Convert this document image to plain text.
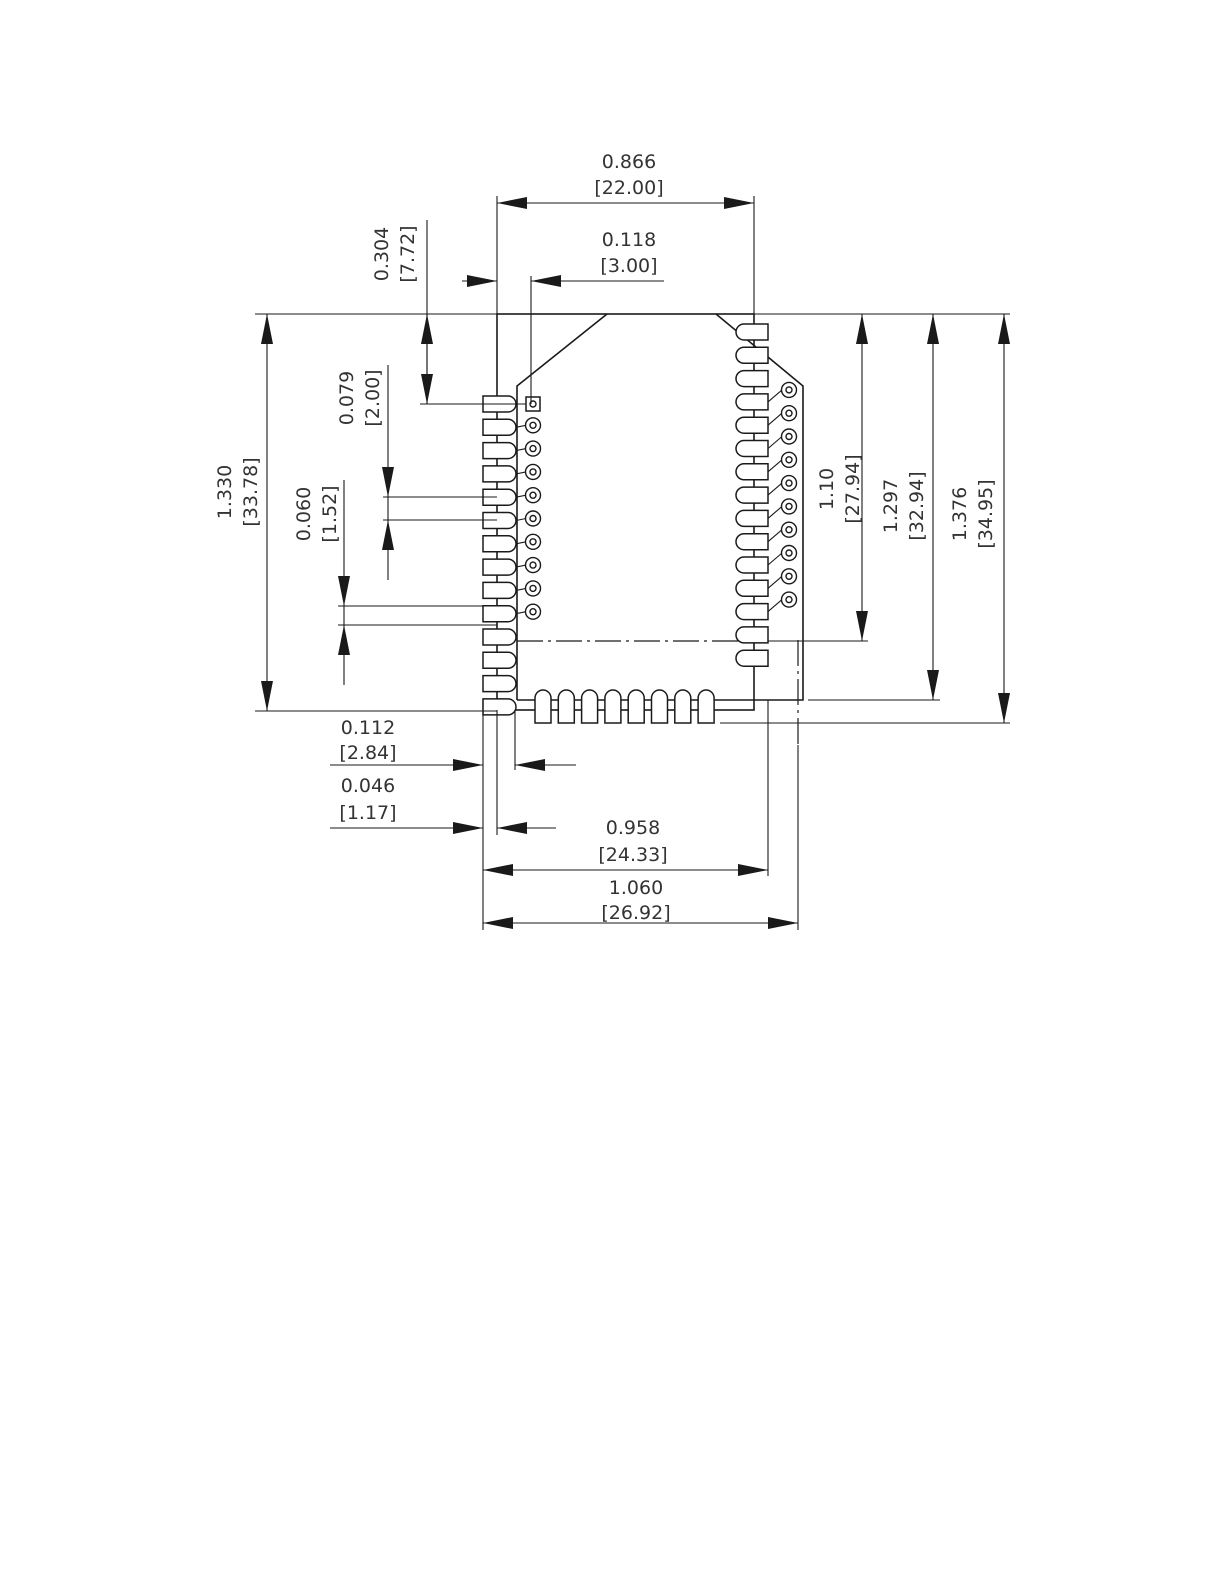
0.866
[22.00]
0.118
[3.00]
0.304 [7.72]
0.079 [2.00]
0.060 [1.52]
1.330 [33.78]	1.10 [27.94] 1.297 [32.94] 1.376 [34.95]
0.112
[2.84]
0.046
[1.17]
0.958
[24.33]
1.060
[26.92]
